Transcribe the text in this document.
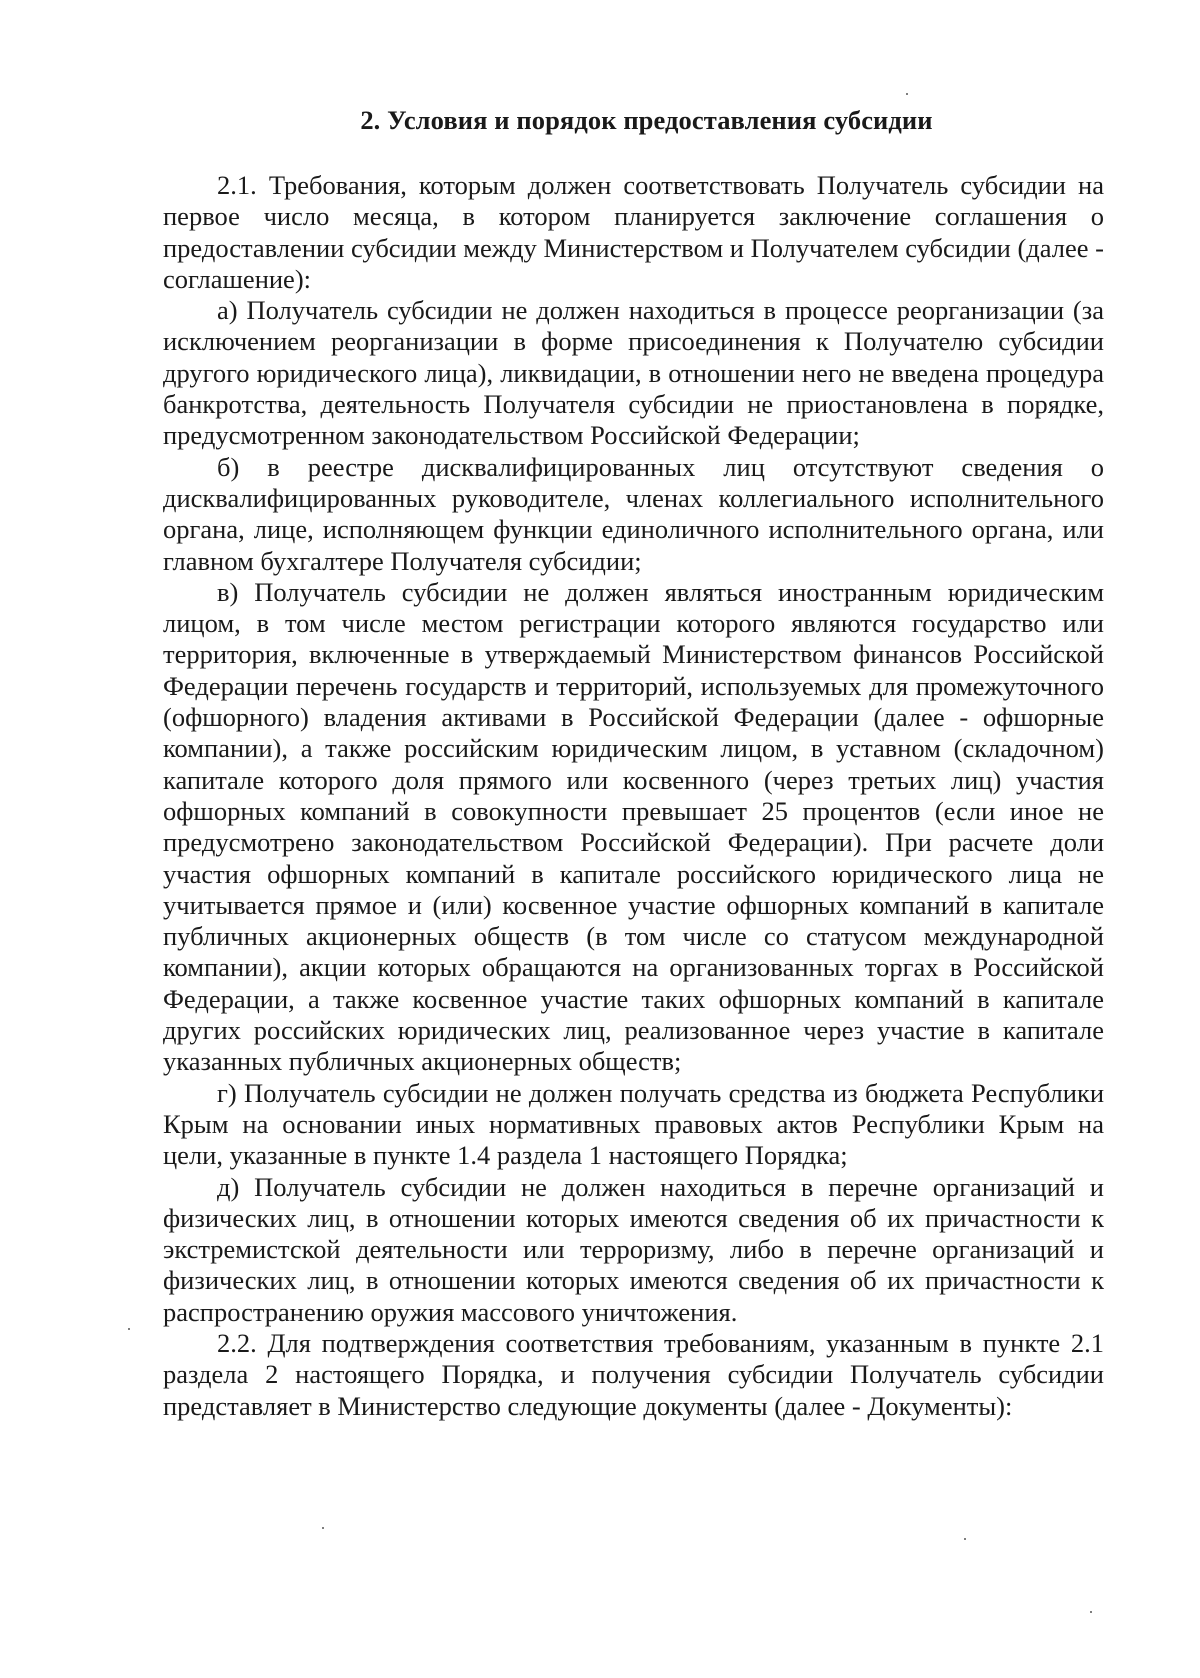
2. Условия и порядок предоставления субсидии

2.1. Требования, которым должен соответствовать Получатель субсидии на первое число месяца, в котором планируется заключение соглашения о предоставлении субсидии между Министерством и Получателем субсидии (далее - соглашение):

а) Получатель субсидии не должен находиться в процессе реорганизации (за исключением реорганизации в форме присоединения к Получателю субсидии другого юридического лица), ликвидации, в отношении него не введена процедура банкротства, деятельность Получателя субсидии не приостановлена в порядке, предусмотренном законодательством Российской Федерации;

б) в реестре дисквалифицированных лиц отсутствуют сведения о дисквалифицированных руководителе, членах коллегиального исполнительного органа, лице, исполняющем функции единоличного исполнительного органа, или главном бухгалтере Получателя субсидии;

в) Получатель субсидии не должен являться иностранным юридическим лицом, в том числе местом регистрации которого являются государство или территория, включенные в утверждаемый Министерством финансов Российской Федерации перечень государств и территорий, используемых для промежуточного (офшорного) владения активами в Российской Федерации (далее - офшорные компании), а также российским юридическим лицом, в уставном (складочном) капитале которого доля прямого или косвенного (через третьих лиц) участия офшорных компаний в совокупности превышает 25 процентов (если иное не предусмотрено законодательством Российской Федерации). При расчете доли участия офшорных компаний в капитале российского юридического лица не учитывается прямое и (или) косвенное участие офшорных компаний в капитале публичных акционерных обществ (в том числе со статусом международной компании), акции которых обращаются на организованных торгах в Российской Федерации, а также косвенное участие таких офшорных компаний в капитале других российских юридических лиц, реализованное через участие в капитале указанных публичных акционерных обществ;

г) Получатель субсидии не должен получать средства из бюджета Республики Крым на основании иных нормативных правовых актов Республики Крым на цели, указанные в пункте 1.4 раздела 1 настоящего Порядка;

д) Получатель субсидии не должен находиться в перечне организаций и физических лиц, в отношении которых имеются сведения об их причастности к экстремистской деятельности или терроризму, либо в перечне организаций и физических лиц, в отношении которых имеются сведения об их причастности к распространению оружия массового уничтожения.

2.2. Для подтверждения соответствия требованиям, указанным в пункте 2.1 раздела 2 настоящего Порядка, и получения субсидии Получатель субсидии представляет в Министерство следующие документы (далее - Документы):
